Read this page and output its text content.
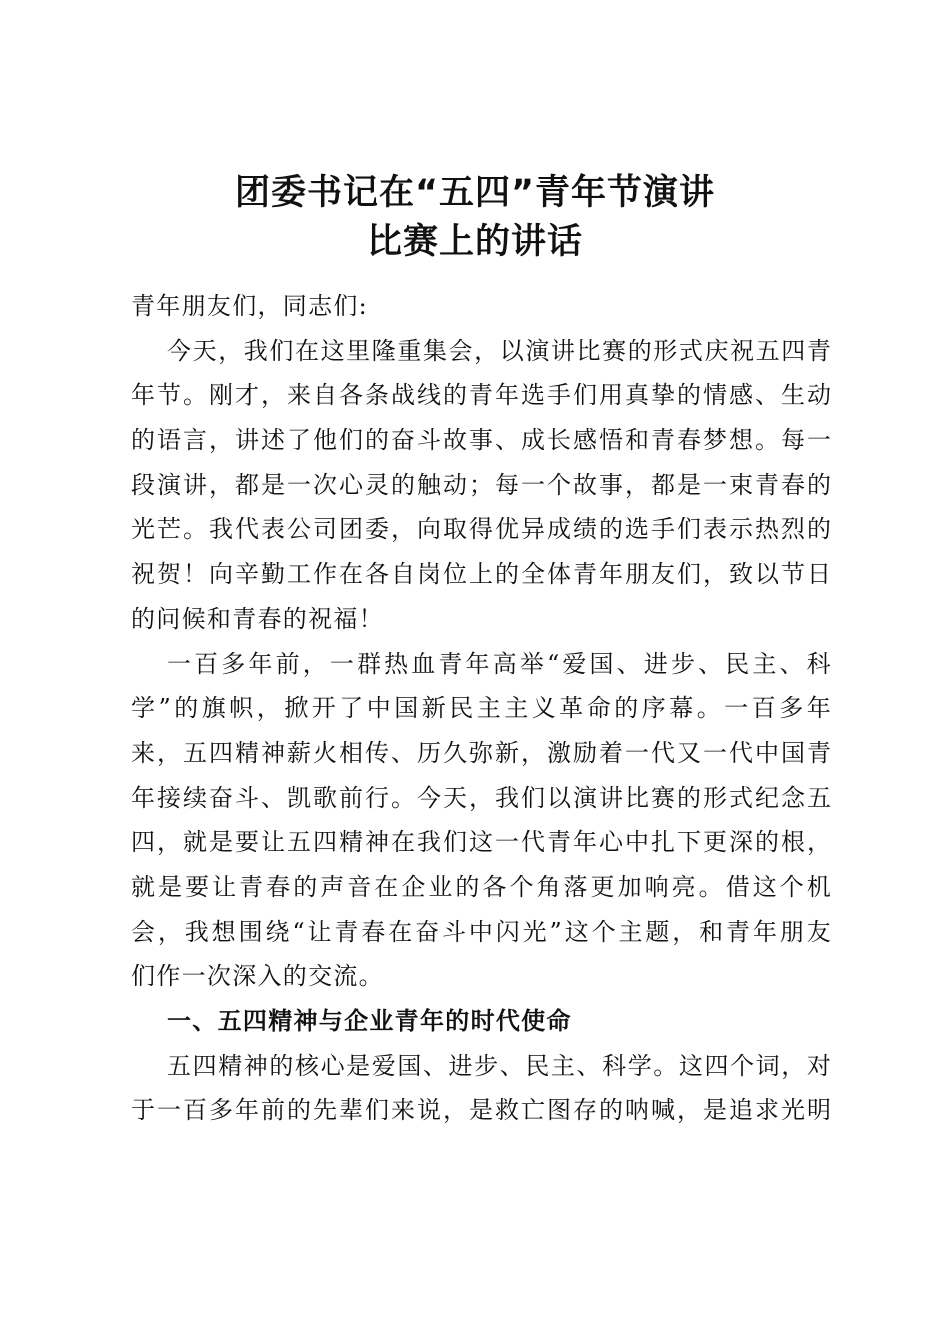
团委书记在“五四”青年节演讲
比赛上的讲话
青 年 朋 友 们 ， 同 志 们 :
今 天 ， 我 们 在 这 里 隆 重 集 会 ， 以 演 讲 比 赛 的 形 式 庆 祝 五 四 青
年 节 。 刚 才 ， 来 自 各 条 战 线 的 青 年 选 手 们 用 真 挚 的 情 感 、 生 动
的 语 言 ， 讲 述 了 他 们 的 奋 斗 故 事 、 成 长 感 悟 和 青 春 梦 想 。 每 一
段 演 讲 ， 都 是 一 次 心 灵 的 触 动 ； 每 一 个 故 事 ， 都 是 一 束 青 春 的
光 芒 。 我 代 表 公 司 团 委 ， 向 取 得 优 异 成 绩 的 选 手 们 表 示 热 烈 的
祝 贺 ！ 向 辛 勤 工 作 在 各 自 岗 位 上 的 全 体 青 年 朋 友 们 ， 致 以 节 日
的 问 候 和 青 春 的 祝 福 ！
一 百 多 年 前 ， 一 群 热 血 青 年 高 举 “ 爱 国 、 进 步 、 民 主 、 科
学 ” 的 旗 帜 ， 掀 开 了 中 国 新 民 主 主 义 革 命 的 序 幕 。 一 百 多 年
来 ， 五 四 精 神 薪 火 相 传 、 历 久 弥 新 ， 激 励 着 一 代 又 一 代 中 国 青
年 接 续 奋 斗 、 凯 歌 前 行 。 今 天 ， 我 们 以 演 讲 比 赛 的 形 式 纪 念 五
四 ， 就 是 要 让 五 四 精 神 在 我 们 这 一 代 青 年 心 中 扎 下 更 深 的 根 ，
就 是 要 让 青 春 的 声 音 在 企 业 的 各 个 角 落 更 加 响 亮 。 借 这 个 机
会 ， 我 想 围 绕 “ 让 青 春 在 奋 斗 中 闪 光 ” 这 个 主 题 ， 和 青 年 朋 友
们 作 一 次 深 入 的 交 流 。
一 、 五 四 精 神 与 企 业 青 年 的 时 代 使 命
五 四 精 神 的 核 心 是 爱 国 、 进 步 、 民 主 、 科 学 。 这 四 个 词 ， 对
于 一 百 多 年 前 的 先 辈 们 来 说 ， 是 救 亡 图 存 的 呐 喊 ， 是 追 求 光 明
